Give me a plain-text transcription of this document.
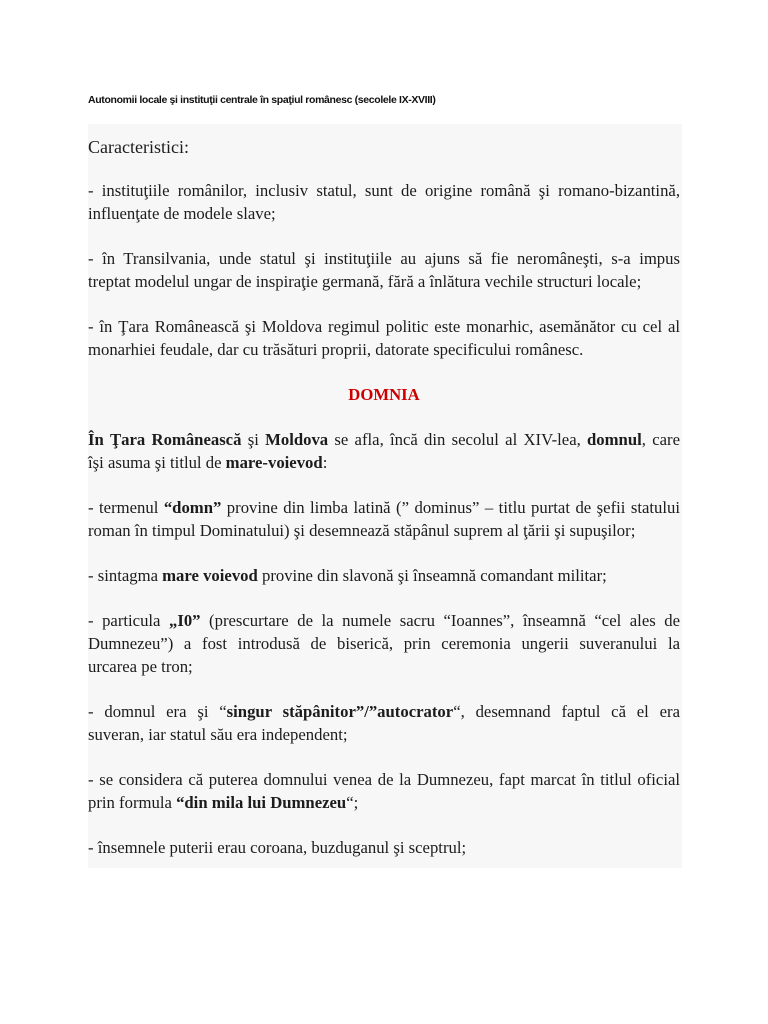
Autonomii locale şi instituţii centrale în spaţiul românesc (secolele IX-XVIII)
Caracteristici:

- instituţiile românilor, inclusiv statul, sunt de origine română şi romano-bizantină,
influenţate de modele slave;

- în Transilvania, unde statul şi instituţiile au ajuns să fie neromâneşti, s-a impus
treptat modelul ungar de inspiraţie germană, fără a înlătura vechile structuri locale;

- în Ţara Românească şi Moldova regimul politic este monarhic, asemănător cu cel al
monarhiei feudale, dar cu trăsături proprii, datorate specificului românesc.

DOMNIA

În Ţara Românească şi Moldova se afla, încă din secolul al XIV-lea, domnul, care
îşi asuma şi titlul de mare-voievod:

- termenul “domn” provine din limba latină (” dominus” – titlu purtat de şefii statului
roman în timpul Dominatului) şi desemnează stăpânul suprem al ţării şi supuşilor;

- sintagma mare voievod provine din slavonă şi înseamnă comandant militar;

- particula „I0” (prescurtare de la numele sacru “Ioannes”, înseamnă “cel ales de
Dumnezeu”) a fost introdusă de biserică, prin ceremonia ungerii suveranului la
urcarea pe tron;

- domnul era şi “singur stăpânitor”/”autocrator“, desemnand faptul că el era
suveran, iar statul său era independent;

- se considera că puterea domnului venea de la Dumnezeu, fapt marcat în titlul oficial
prin formula “din mila lui Dumnezeu“;

- însemnele puterii erau coroana, buzduganul şi sceptrul;
